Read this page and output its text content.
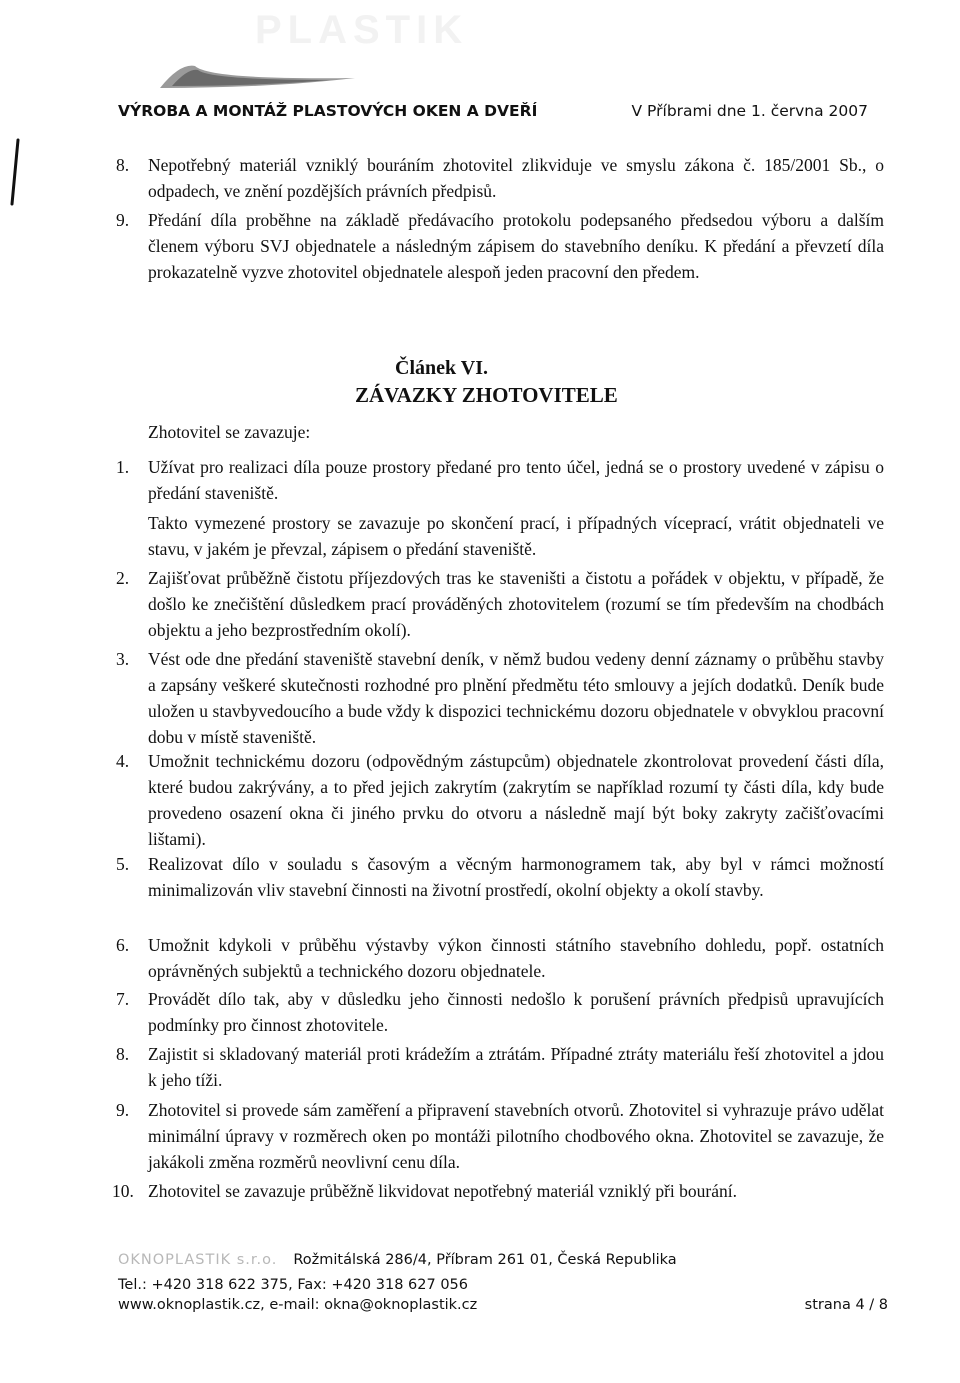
PLASTIK
VÝROBA A MONTÁŽ PLASTOVÝCH OKEN A DVEŘÍ	V Příbrami dne 1. června 2007
8. Nepotřebný materiál vzniklý bouráním zhotovitel zlikviduje ve smyslu zákona č. 185/2001 Sb., o odpadech, ve znění pozdějších právních předpisů.

9. Předání díla proběhne na základě předávacího protokolu podepsaného předsedou výboru a dalším členem výboru SVJ objednatele a následným zápisem do stavebního deníku. K předání a převzetí díla prokazatelně vyzve zhotovitel objednatele alespoň jeden pracovní den předem.

Článek VI.
ZÁVAZKY ZHOTOVITELE
Zhotovitel se zavazuje:
1. Užívat pro realizaci díla pouze prostory předané pro tento účel, jedná se o prostory uvedené v zápisu o předání staveniště.

Takto vymezené prostory se zavazuje po skončení prací, i případných víceprací, vrátit objednateli ve stavu, v jakém je převzal, zápisem o předání staveniště.

2. Zajišťovat průběžně čistotu příjezdových tras ke staveništi a čistotu a pořádek v objektu, v případě, že došlo ke znečištění důsledkem prací prováděných zhotovitelem (rozumí se tím především na chodbách objektu a jeho bezprostředním okolí).

3. Vést ode dne předání staveniště stavební deník, v němž budou vedeny denní záznamy o průběhu stavby a zapsány veškeré skutečnosti rozhodné pro plnění předmětu této smlouvy a jejích dodatků. Deník bude uložen u stavbyvedoucího a bude vždy k dispozici technickému dozoru objednatele v obvyklou pracovní dobu v místě staveniště.

4. Umožnit technickému dozoru (odpovědným zástupcům) objednatele zkontrolovat provedení části díla, které budou zakrývány, a to před jejich zakrytím (zakrytím se například rozumí ty části díla, kdy bude provedeno osazení okna či jiného prvku do otvoru a následně mají být boky zakryty začišťovacími lištami).

5. Realizovat dílo v souladu s časovým a věcným harmonogramem tak, aby byl v rámci možností minimalizován vliv stavební činnosti na životní prostředí, okolní objekty a okolí stavby.

6. Umožnit kdykoli v průběhu výstavby výkon činnosti státního stavebního dohledu, popř. ostatních oprávněných subjektů a technického dozoru objednatele.

7. Provádět dílo tak, aby v důsledku jeho činnosti nedošlo k porušení právních předpisů upravujících podmínky pro činnost zhotovitele.

8. Zajistit si skladovaný materiál proti krádežím a ztrátám. Případné ztráty materiálu řeší zhotovitel a jdou k jeho tíži.

9. Zhotovitel si provede sám zaměření a připravení stavebních otvorů. Zhotovitel si vyhrazuje právo udělat minimální úpravy v rozměrech oken po montáži pilotního chodbového okna. Zhotovitel se zavazuje, že jakákoli změna rozměrů neovlivní cenu díla.

10. Zhotovitel se zavazuje průběžně likvidovat nepotřebný materiál vzniklý při bourání.

OKNOPLASTIK s.r.o. Rožmitálská 286/4, Příbram 261 01, Česká Republika
Tel.: +420 318 622 375, Fax: +420 318 627 056
www.oknoplastik.cz, e-mail: okna@oknoplastik.cz	strana 4 / 8
